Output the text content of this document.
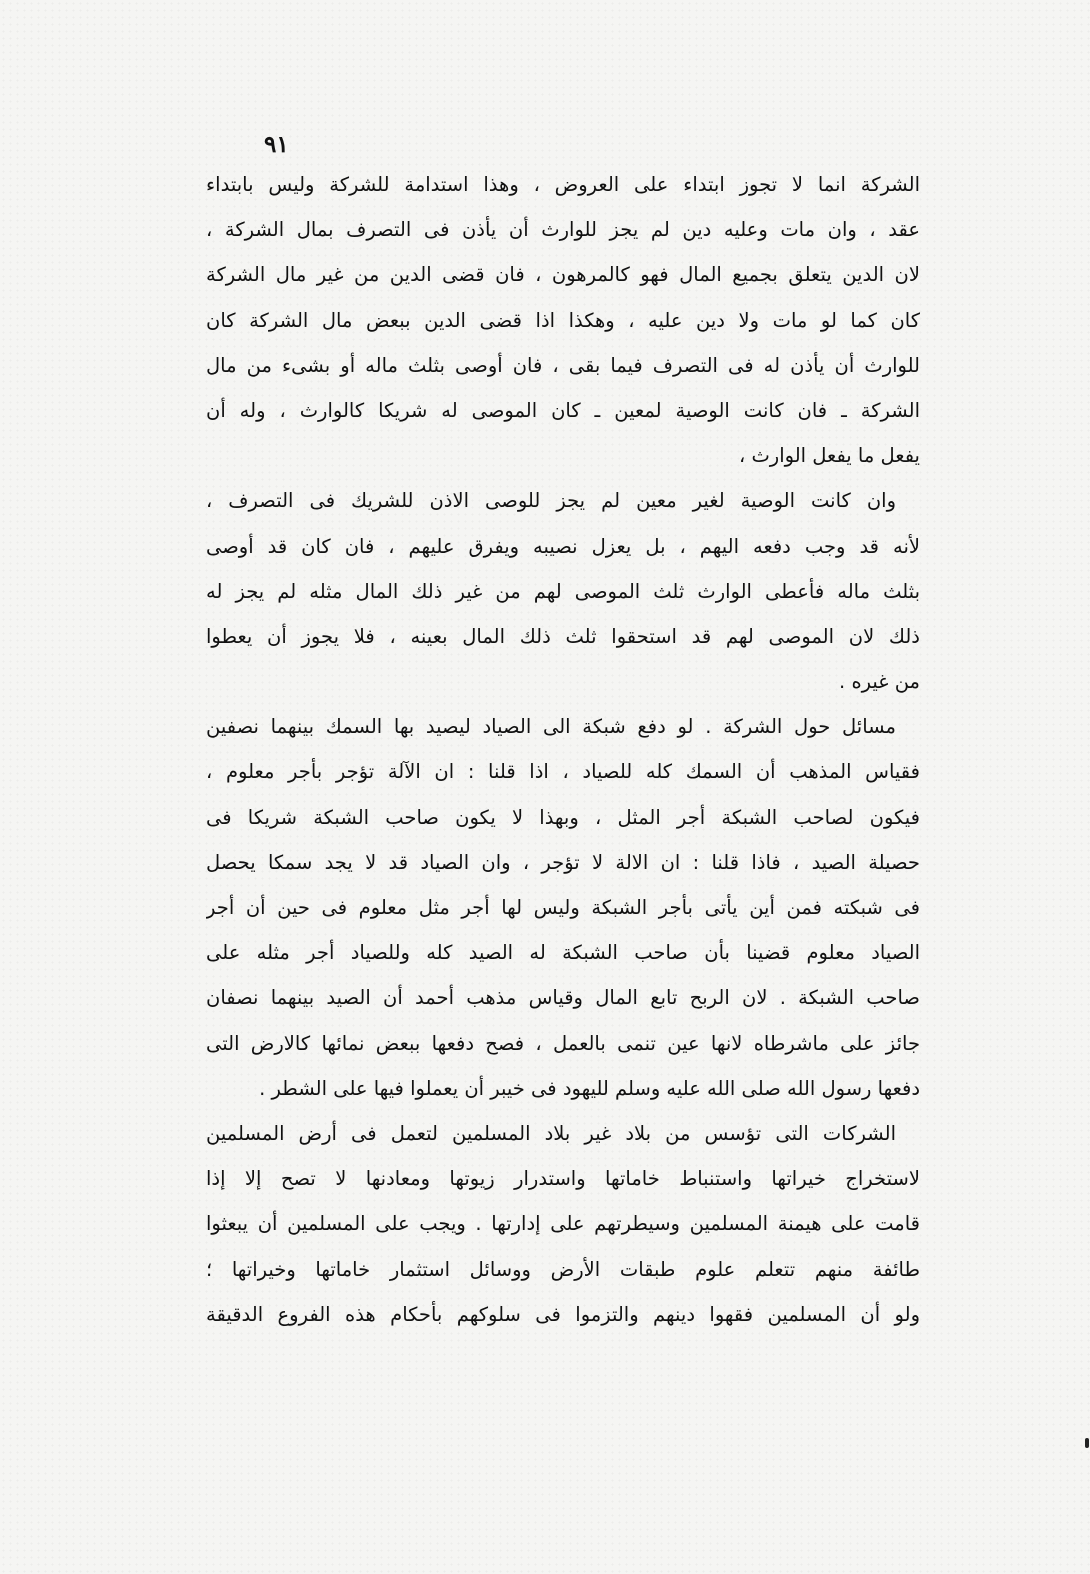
٩١
الشركة انما لا تجوز ابتداء على العروض ، وهذا استدامة للشركة وليس بابتداء
عقد ، وان مات وعليه دين لم يجز للوارث أن يأذن فى التصرف بمال الشركة ،
لان الدين يتعلق بجميع المال فهو كالمرهون ، فان قضى الدين من غير مال الشركة
كان كما لو مات ولا دين عليه ، وهكذا اذا قضى الدين ببعض مال الشركة كان
للوارث أن يأذن له فى التصرف فيما بقى ، فان أوصى بثلث ماله أو بشىء من مال
الشركة ـ فان كانت الوصية لمعين ـ كان الموصى له شريكا كالوارث ، وله أن
يفعل ما يفعل الوارث ،
وان كانت الوصية لغير معين لم يجز للوصى الاذن للشريك فى التصرف ،
لأنه قد وجب دفعه اليهم ، بل يعزل نصيبه ويفرق عليهم ، فان كان قد أوصى
بثلث ماله فأعطى الوارث ثلث الموصى لهم من غير ذلك المال مثله لم يجز له
ذلك لان الموصى لهم قد استحقوا ثلث ذلك المال بعينه ، فلا يجوز أن يعطوا
من غيره .
مسائل حول الشركة . لو دفع شبكة الى الصياد ليصيد بها السمك بينهما نصفين
فقياس المذهب أن السمك كله للصياد ، اذا قلنا : ان الآلة تؤجر بأجر معلوم ،
فيكون لصاحب الشبكة أجر المثل ، وبهذا لا يكون صاحب الشبكة شريكا فى
حصيلة الصيد ، فاذا قلنا : ان الالة لا تؤجر ، وان الصياد قد لا يجد سمكا يحصل
فى شبكته فمن أين يأتى بأجر الشبكة وليس لها أجر مثل معلوم فى حين أن أجر
الصياد معلوم قضينا بأن صاحب الشبكة له الصيد كله وللصياد أجر مثله على
صاحب الشبكة . لان الربح تابع المال وقياس مذهب أحمد أن الصيد بينهما نصفان
جائز على ماشرطاه لانها عين تنمى بالعمل ، فصح دفعها ببعض نمائها كالارض التى
دفعها رسول الله صلى الله عليه وسلم لليهود فى خيبر أن يعملوا فيها على الشطر .
الشركات التى تؤسس من بلاد غير بلاد المسلمين لتعمل فى أرض المسلمين
لاستخراج خيراتها واستنباط خاماتها واستدرار زيوتها ومعادنها لا تصح إلا إذا
قامت على هيمنة المسلمين وسيطرتهم على إدارتها . ويجب على المسلمين أن يبعثوا
طائفة منهم تتعلم علوم طبقات الأرض ووسائل استثمار خاماتها وخيراتها ؛
ولو أن المسلمين فقهوا دينهم والتزموا فى سلوكهم بأحكام هذه الفروع الدقيقة
